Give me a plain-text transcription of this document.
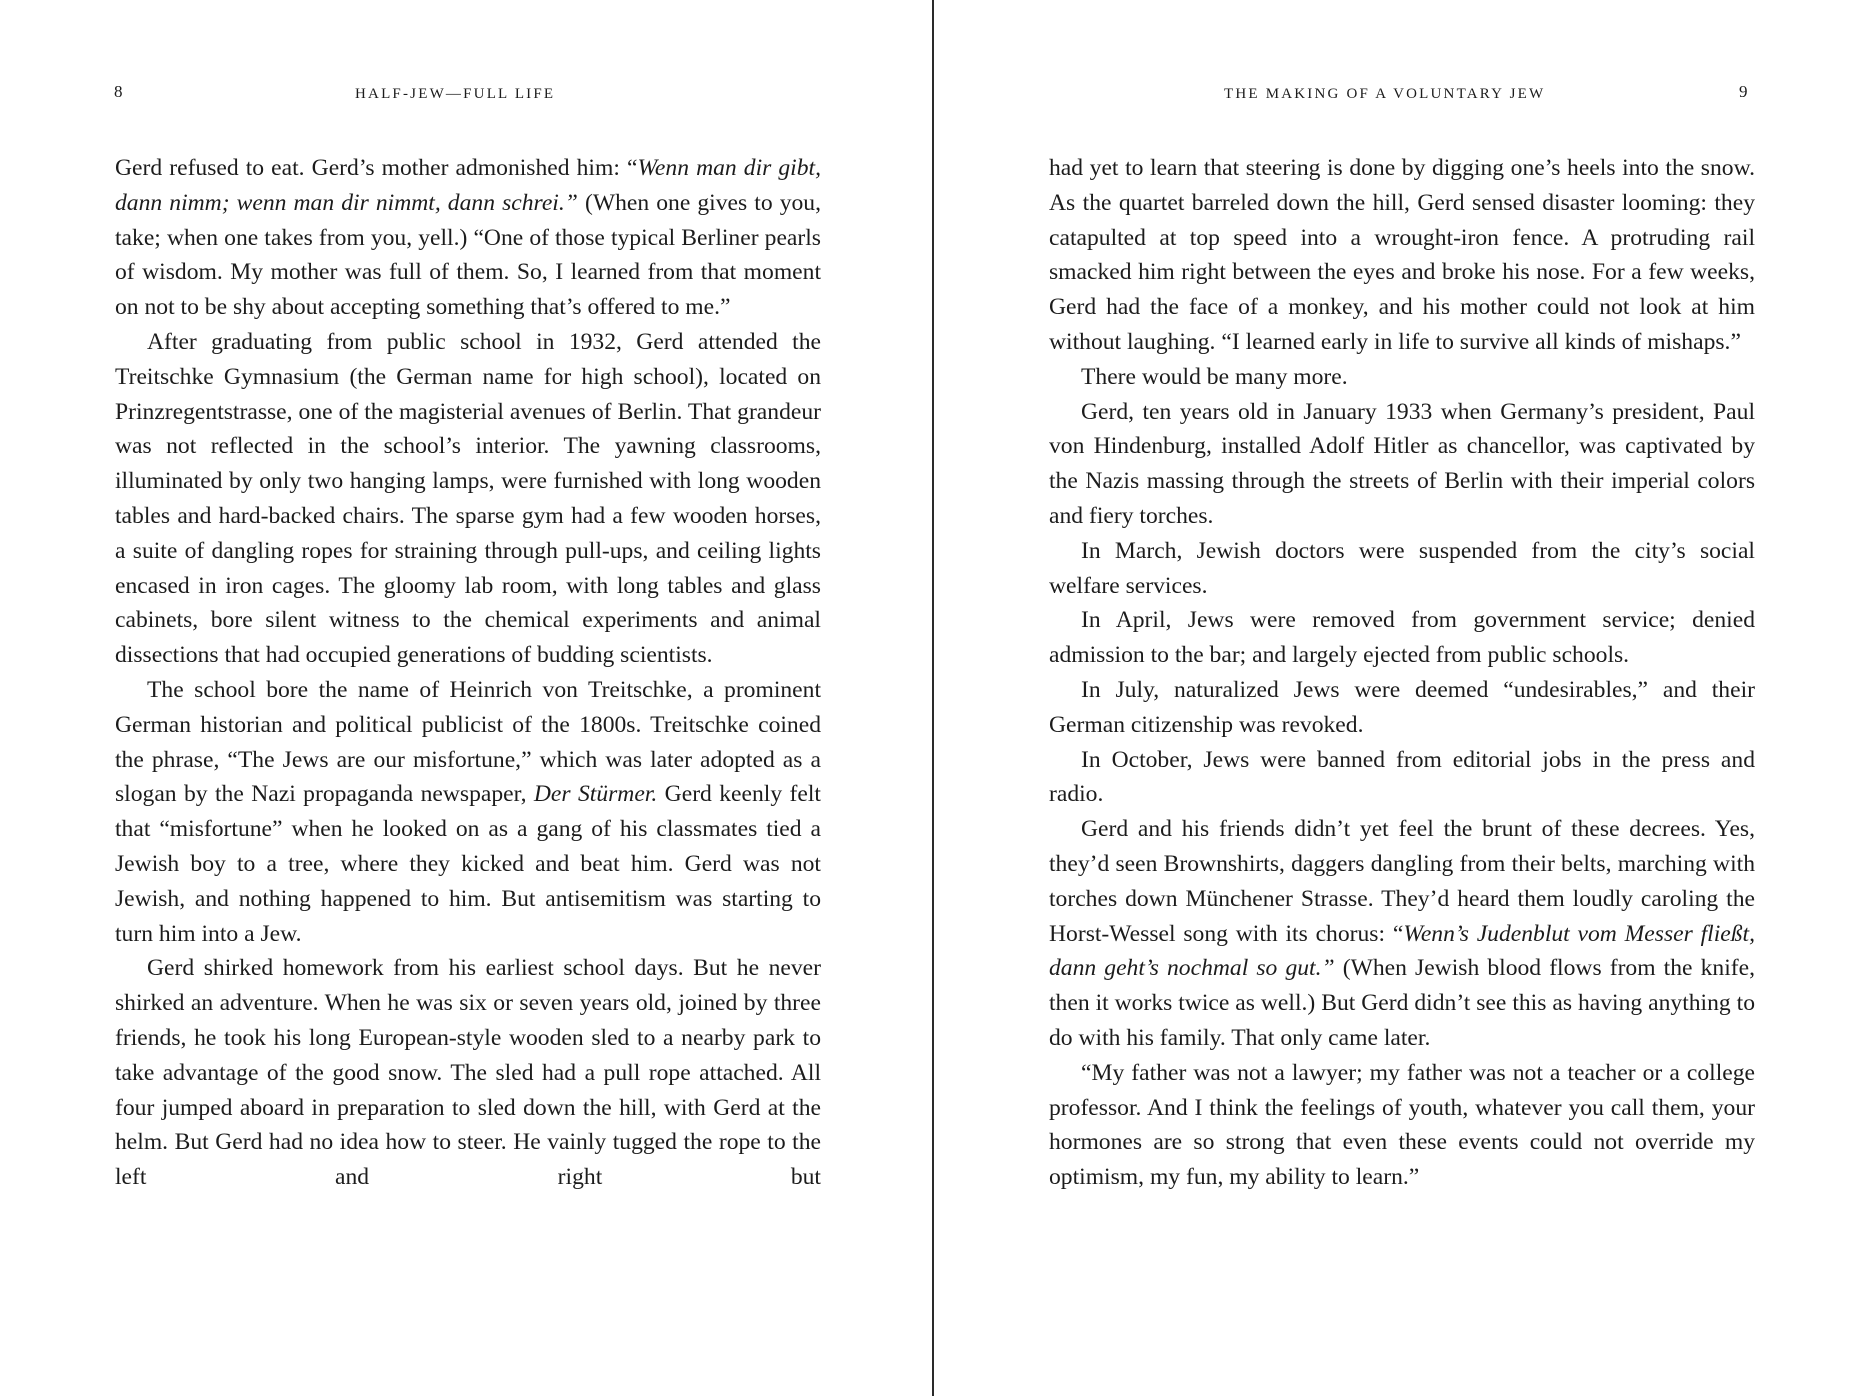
8	HALF-JEW—FULL LIFE

Gerd refused to eat. Gerd’s mother admonished him: “Wenn man dir gibt, dann nimm; wenn man dir nimmt, dann schrei.” (When one gives to you, take; when one takes from you, yell.) “One of those typical Berliner pearls of wisdom. My mother was full of them. So, I learned from that moment on not to be shy about accepting something that’s offered to me.”

After graduating from public school in 1932, Gerd attended the Treitschke Gymnasium (the German name for high school), located on Prinzregentstrasse, one of the magisterial avenues of Berlin. That grandeur was not reflected in the school’s interior. The yawning classrooms, illuminated by only two hanging lamps, were furnished with long wooden tables and hard-backed chairs. The sparse gym had a few wooden horses, a suite of dangling ropes for straining through pull-ups, and ceiling lights encased in iron cages. The gloomy lab room, with long tables and glass cabinets, bore silent witness to the chemical experiments and animal dissections that had occupied generations of budding scientists.

The school bore the name of Heinrich von Treitschke, a prominent German historian and political publicist of the 1800s. Treitschke coined the phrase, “The Jews are our misfortune,” which was later adopted as a slogan by the Nazi propaganda newspaper, Der Stürmer. Gerd keenly felt that “misfortune” when he looked on as a gang of his classmates tied a Jewish boy to a tree, where they kicked and beat him. Gerd was not Jewish, and nothing happened to him. But antisemitism was starting to turn him into a Jew.

Gerd shirked homework from his earliest school days. But he never shirked an adventure. When he was six or seven years old, joined by three friends, he took his long European-style wooden sled to a nearby park to take advantage of the good snow. The sled had a pull rope attached. All four jumped aboard in preparation to sled down the hill, with Gerd at the helm. But Gerd had no idea how to steer. He vainly tugged the rope to the left and right but

THE MAKING OF A VOLUNTARY JEW	9

had yet to learn that steering is done by digging one’s heels into the snow. As the quartet barreled down the hill, Gerd sensed disaster looming: they catapulted at top speed into a wrought-iron fence. A protruding rail smacked him right between the eyes and broke his nose. For a few weeks, Gerd had the face of a monkey, and his mother could not look at him without laughing. “I learned early in life to survive all kinds of mishaps.”

There would be many more.

Gerd, ten years old in January 1933 when Germany’s president, Paul von Hindenburg, installed Adolf Hitler as chancellor, was captivated by the Nazis massing through the streets of Berlin with their imperial colors and fiery torches.

In March, Jewish doctors were suspended from the city’s social welfare services.

In April, Jews were removed from government service; denied admission to the bar; and largely ejected from public schools.

In July, naturalized Jews were deemed “undesirables,” and their German citizenship was revoked.

In October, Jews were banned from editorial jobs in the press and radio.

Gerd and his friends didn’t yet feel the brunt of these decrees. Yes, they’d seen Brownshirts, daggers dangling from their belts, marching with torches down Münchener Strasse. They’d heard them loudly caroling the Horst-Wessel song with its chorus: “Wenn’s Judenblut vom Messer fließt, dann geht’s nochmal so gut.” (When Jewish blood flows from the knife, then it works twice as well.) But Gerd didn’t see this as having anything to do with his family. That only came later.

“My father was not a lawyer; my father was not a teacher or a college professor. And I think the feelings of youth, whatever you call them, your hormones are so strong that even these events could not override my optimism, my fun, my ability to learn.”
